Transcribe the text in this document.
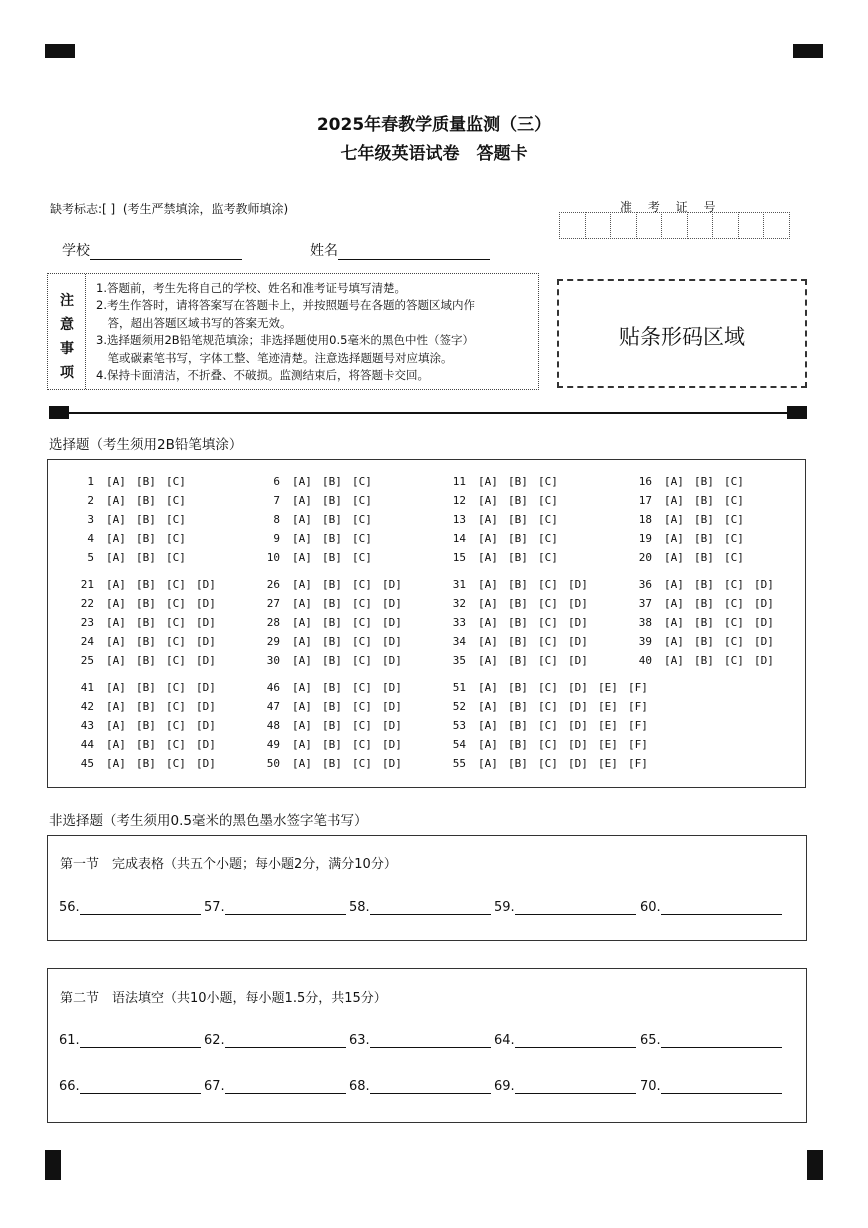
2025年春教学质量监测（三）
七年级英语试卷　答题卡
缺考标志:[ ]  (考生严禁填涂，监考教师填涂)	准 考 证 号
学校	姓名
注
意
事
项
1.答题前，考生先将自己的学校、姓名和准考证号填写清楚。
2.考生作答时，请将答案写在答题卡上，并按照题号在各题的答题区域内作
　答，超出答题区域书写的答案无效。
3.选择题须用2B铅笔规范填涂；非选择题使用0.5毫米的黑色中性（签字）
　笔或碳素笔书写，字体工整、笔迹清楚。注意选择题题号对应填涂。
4.保持卡面清洁，不折叠、不破损。监测结束后，将答题卡交回。
贴条形码区域
选择题（考生须用2B铅笔填涂）
1 [A] [B] [C]
2 [A] [B] [C]
3 [A] [B] [C]
4 [A] [B] [C]
5 [A] [B] [C]
6 [A] [B] [C]
7 [A] [B] [C]
8 [A] [B] [C]
9 [A] [B] [C]
10 [A] [B] [C]
11 [A] [B] [C]
12 [A] [B] [C]
13 [A] [B] [C]
14 [A] [B] [C]
15 [A] [B] [C]
16 [A] [B] [C]
17 [A] [B] [C]
18 [A] [B] [C]
19 [A] [B] [C]
20 [A] [B] [C]
21 [A] [B] [C] [D]
22 [A] [B] [C] [D]
23 [A] [B] [C] [D]
24 [A] [B] [C] [D]
25 [A] [B] [C] [D]
26 [A] [B] [C] [D]
27 [A] [B] [C] [D]
28 [A] [B] [C] [D]
29 [A] [B] [C] [D]
30 [A] [B] [C] [D]
31 [A] [B] [C] [D]
32 [A] [B] [C] [D]
33 [A] [B] [C] [D]
34 [A] [B] [C] [D]
35 [A] [B] [C] [D]
36 [A] [B] [C] [D]
37 [A] [B] [C] [D]
38 [A] [B] [C] [D]
39 [A] [B] [C] [D]
40 [A] [B] [C] [D]
41 [A] [B] [C] [D]
42 [A] [B] [C] [D]
43 [A] [B] [C] [D]
44 [A] [B] [C] [D]
45 [A] [B] [C] [D]
46 [A] [B] [C] [D]
47 [A] [B] [C] [D]
48 [A] [B] [C] [D]
49 [A] [B] [C] [D]
50 [A] [B] [C] [D]
51 [A] [B] [C] [D] [E] [F]
52 [A] [B] [C] [D] [E] [F]
53 [A] [B] [C] [D] [E] [F]
54 [A] [B] [C] [D] [E] [F]
55 [A] [B] [C] [D] [E] [F]
非选择题（考生须用0.5毫米的黑色墨水签字笔书写）
第一节　完成表格（共五个小题；每小题2分，满分10分）
第二节　语法填空（共10小题，每小题1.5分，共15分）
56.	57.	58.	59.	60.
61.	62.	63.	64.	65.
66.	67.	68.	69.	70.
